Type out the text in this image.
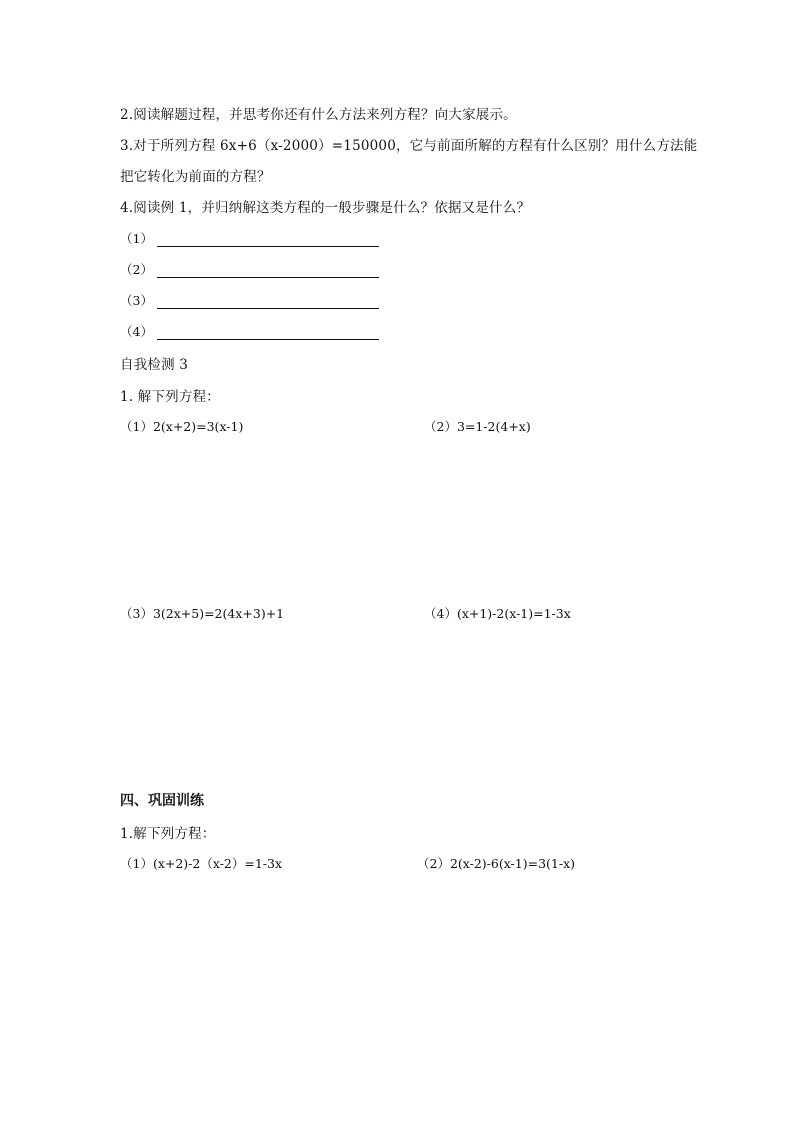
2.阅读解题过程，并思考你还有什么方法来列方程？向大家展示。
3.对于所列方程 6x+6（x-2000）=150000，它与前面所解的方程有什么区别？用什么方法能
把它转化为前面的方程？
4.阅读例 1，并归纳解这类方程的一般步骤是什么？依据又是什么？
（1）
（2）
（3）
（4）
自我检测 3
1. 解下列方程：
（1）2(x+2)=3(x-1)	（2）3=1-2(4+x)
（3）3(2x+5)=2(4x+3)+1	（4）(x+1)-2(x-1)=1-3x
四、巩固训练
1.解下列方程：
（1）(x+2)-2（x-2）=1-3x	（2）2(x-2)-6(x-1)=3(1-x)
